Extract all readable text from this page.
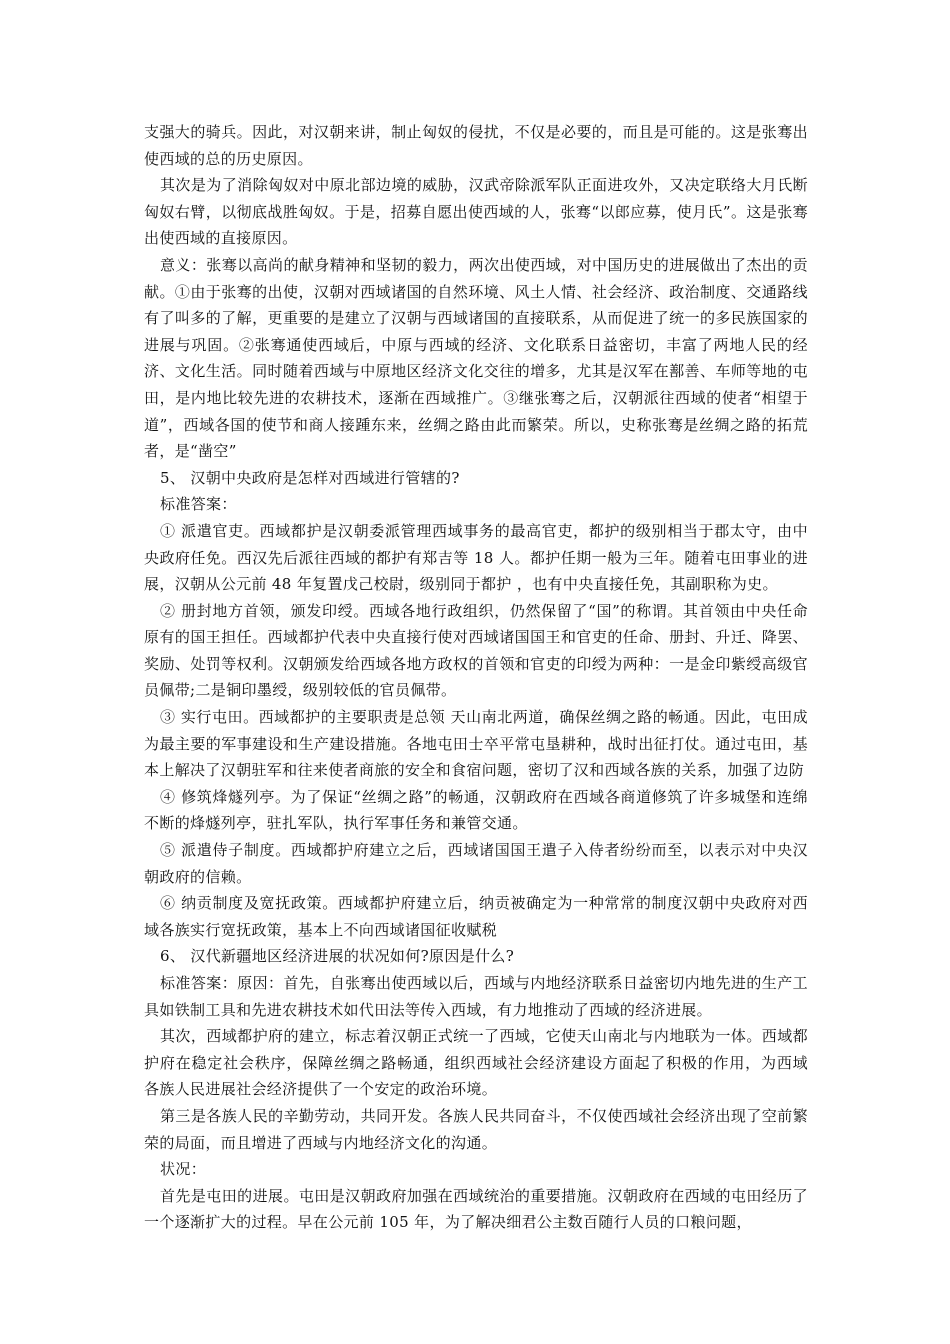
支强大的骑兵。因此，对汉朝来讲，制止匈奴的侵扰，不仅是必要的，而且是可能的。这是张骞出使西域的总的历史原因。

其次是为了消除匈奴对中原北部边境的威胁，汉武帝除派军队正面进攻外，又决定联络大月氏断匈奴右臂，以彻底战胜匈奴。于是，招募自愿出使西域的人，张骞“以郎应募，使月氏”。这是张骞出使西域的直接原因。

意义：张骞以高尚的献身精神和坚韧的毅力，两次出使西域，对中国历史的进展做出了杰出的贡献。①由于张骞的出使，汉朝对西域诸国的自然环境、风土人情、社会经济、政治制度、交通路线有了叫多的了解，更重要的是建立了汉朝与西域诸国的直接联系，从而促进了统一的多民族国家的进展与巩固。②张骞通使西域后，中原与西域的经济、文化联系日益密切，丰富了两地人民的经济、文化生活。同时随着西域与中原地区经济文化交往的增多，尤其是汉军在鄯善、车师等地的屯田，是内地比较先进的农耕技术，逐渐在西域推广。③继张骞之后，汉朝派往西域的使者“相望于道”，西域各国的使节和商人接踵东来，丝绸之路由此而繁荣。所以，史称张骞是丝绸之路的拓荒者，是“凿空”

5、 汉朝中央政府是怎样对西域进行管辖的?

标准答案：

① 派遣官吏。西域都护是汉朝委派管理西域事务的最高官吏，都护的级别相当于郡太守，由中央政府任免。西汉先后派往西域的都护有郑吉等 18 人。都护任期一般为三年。随着屯田事业的进展，汉朝从公元前 48 年复置戊己校尉，级别同于都护 ，也有中央直接任免，其副职称为史。

② 册封地方首领，颁发印绶。西域各地行政组织，仍然保留了“国”的称谓。其首领由中央任命原有的国王担任。西域都护代表中央直接行使对西域诸国国王和官吏的任命、册封、升迁、降罢、奖励、处罚等权利。汉朝颁发给西域各地方政权的首领和官吏的印绶为两种：一是金印紫绶高级官员佩带;二是铜印墨绶，级别较低的官员佩带。

③ 实行屯田。西域都护的主要职责是总领 天山南北两道，确保丝绸之路的畅通。因此，屯田成为最主要的军事建设和生产建设措施。各地屯田士卒平常屯垦耕种，战时出征打仗。通过屯田，基本上解决了汉朝驻军和往来使者商旅的安全和食宿问题，密切了汉和西域各族的关系，加强了边防

④ 修筑烽燧列亭。为了保证“丝绸之路”的畅通，汉朝政府在西域各商道修筑了许多城堡和连绵不断的烽燧列亭，驻扎军队，执行军事任务和兼管交通。

⑤ 派遣侍子制度。西域都护府建立之后，西域诸国国王遣子入侍者纷纷而至，以表示对中央汉朝政府的信赖。

⑥ 纳贡制度及宽抚政策。西域都护府建立后，纳贡被确定为一种常常的制度汉朝中央政府对西域各族实行宽抚政策，基本上不向西域诸国征收赋税

6、 汉代新疆地区经济进展的状况如何?原因是什么?

标准答案：原因：首先，自张骞出使西域以后，西域与内地经济联系日益密切内地先进的生产工具如铁制工具和先进农耕技术如代田法等传入西域，有力地推动了西域的经济进展。

其次，西域都护府的建立，标志着汉朝正式统一了西域，它使天山南北与内地联为一体。西域都护府在稳定社会秩序，保障丝绸之路畅通，组织西域社会经济建设方面起了积极的作用，为西域 各族人民进展社会经济提供了一个安定的政治环境。

第三是各族人民的辛勤劳动，共同开发。各族人民共同奋斗，不仅使西域社会经济出现了空前繁荣的局面，而且增进了西域与内地经济文化的沟通。

状况：

首先是屯田的进展。屯田是汉朝政府加强在西域统治的重要措施。汉朝政府在西域的屯田经历了一个逐渐扩大的过程。早在公元前 105 年，为了解决细君公主数百随行人员的口粮问题，
